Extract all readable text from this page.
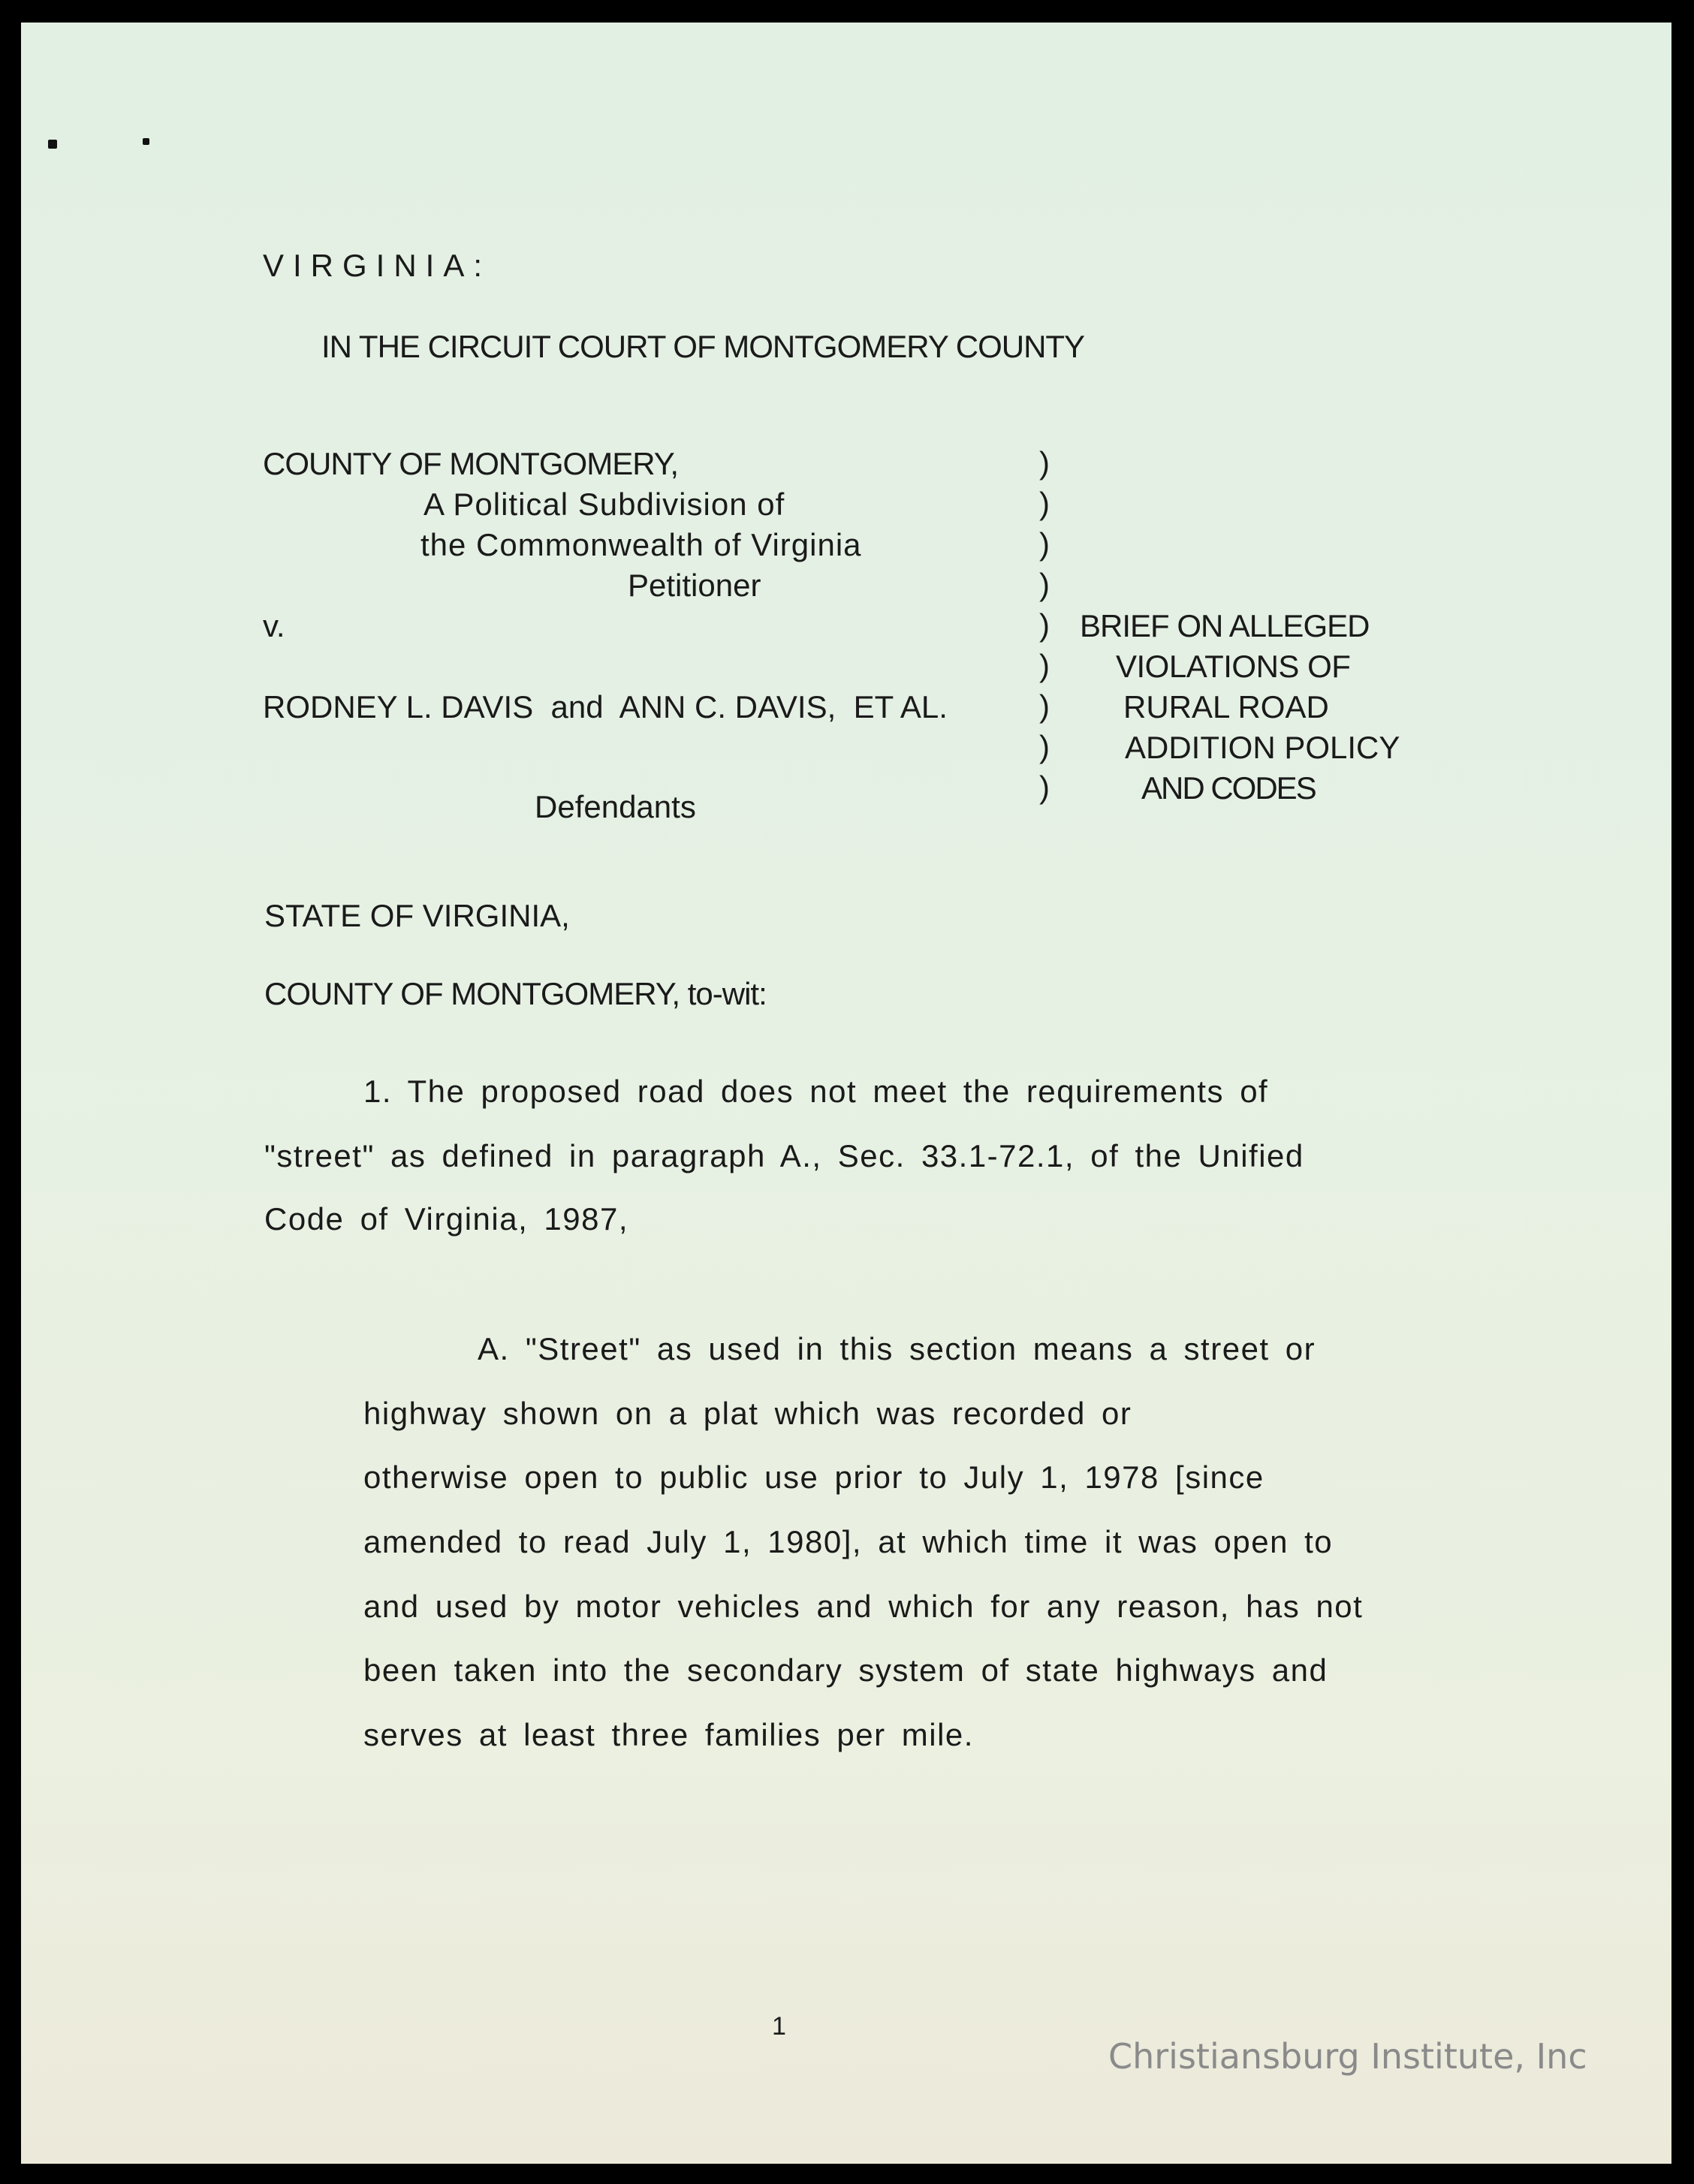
VIRGINIA:

IN THE CIRCUIT COURT OF MONTGOMERY COUNTY

COUNTY OF MONTGOMERY,

A Political Subdivision of

the Commonwealth of Virginia

Petitioner

v.

RODNEY L. DAVIS  and  ANN C. DAVIS,  ET AL.

Defendants

)
)
)
)
)
)
)
)
)

BRIEF ON ALLEGED

VIOLATIONS OF

RURAL ROAD

ADDITION POLICY

AND CODES

STATE OF VIRGINIA,

COUNTY OF MONTGOMERY, to-wit:

1. The proposed road does not meet the requirements of

"street" as defined in paragraph A., Sec. 33.1-72.1, of the Unified

Code of Virginia, 1987,

A. "Street" as used in this section means a street or

highway shown on a plat which was recorded or

otherwise open to public use prior to July 1, 1978 [since

amended to read July 1, 1980], at which time it was open to

and used by motor vehicles and which for any reason, has not

been taken into the secondary system of state highways and

serves at least three families per mile.

1

Christiansburg Institute, Inc
